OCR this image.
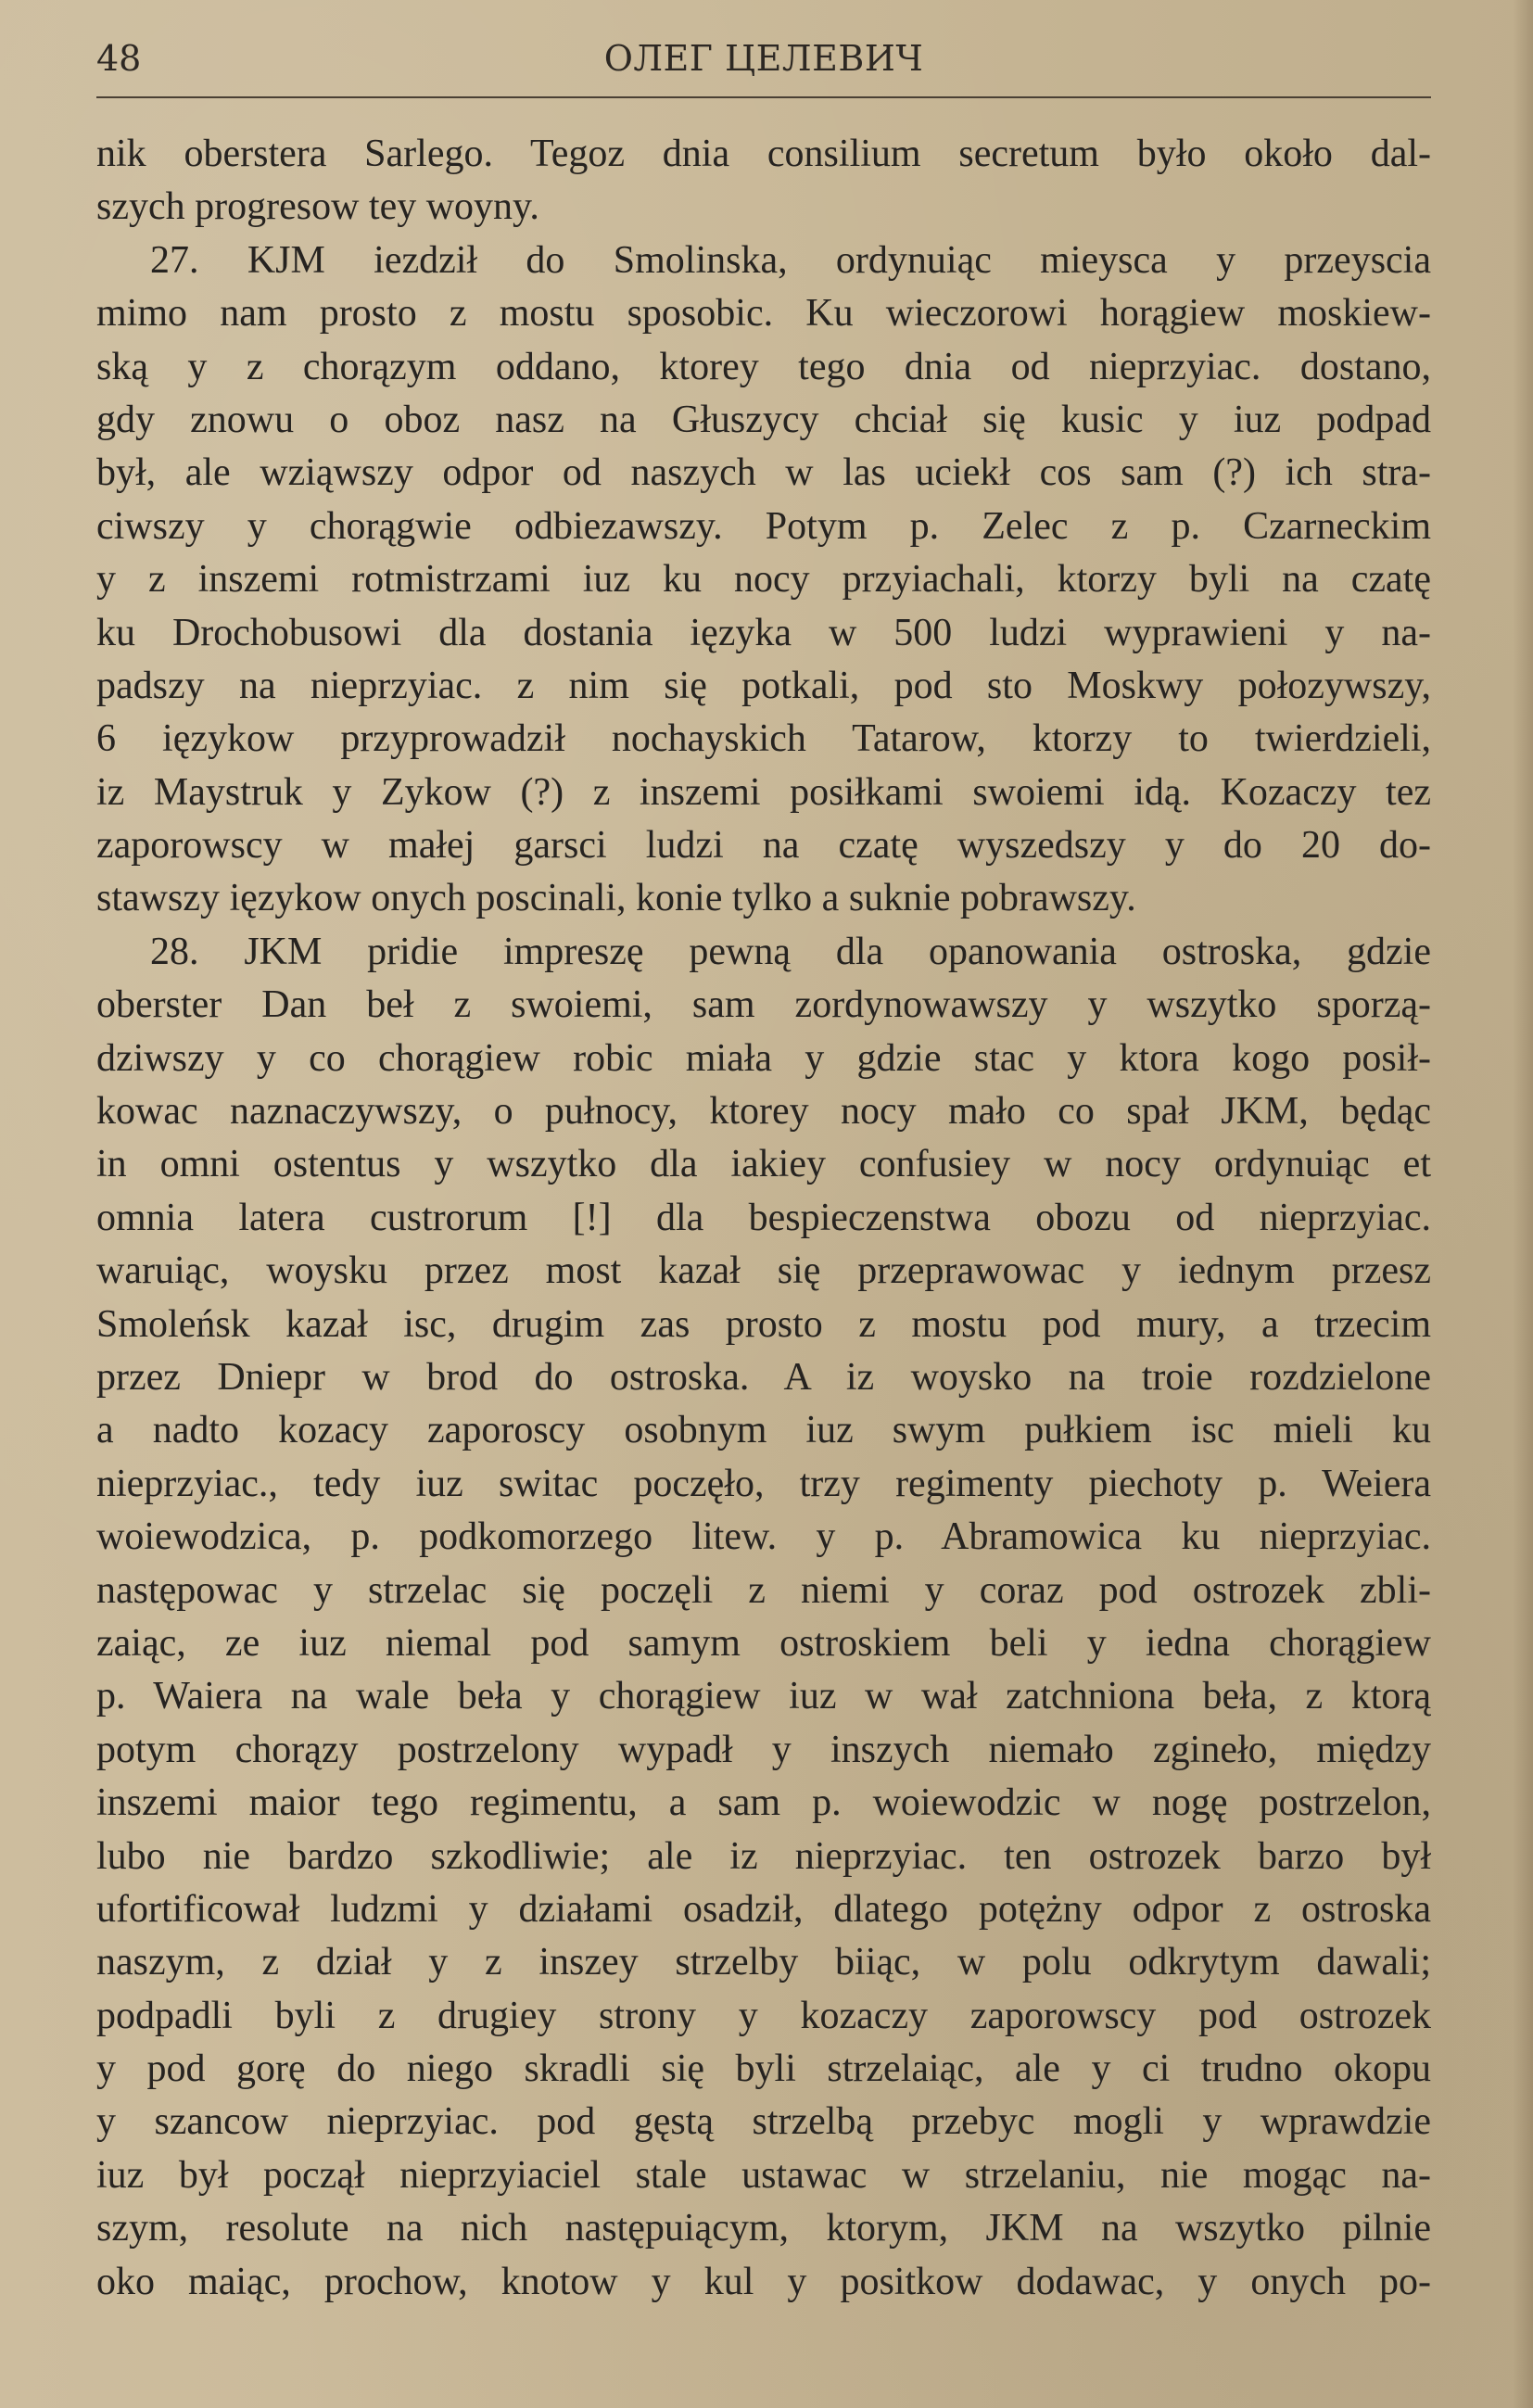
48	ОЛЕГ ЦЕЛЕВИЧ
nik oberstera Sarlego. Tegoz dnia consilium secretum było około dal-
szych progresow tey woyny.
27. KJM iezdził do Smolinska, ordynuiąc mieysca y przeyscia
mimo nam prosto z mostu sposobic. Ku wieczorowi horągiew moskiew-
ską y z chorązym oddano, ktorey tego dnia od nieprzyiac. dostano,
gdy znowu o oboz nasz na Głuszycy chciał się kusic y iuz podpad
był, ale wziąwszy odpor od naszych w las uciekł cos sam (?) ich stra-
ciwszy y chorągwie odbiezawszy. Potym p. Zelec z p. Czarneckim
y z inszemi rotmistrzami iuz ku nocy przyiachali, ktorzy byli na czatę
ku Drochobusowi dla dostania ięzyka w 500 ludzi wyprawieni y na-
padszy na nieprzyiac. z nim się potkali, pod sto Moskwy połozywszy,
6 ięzykow przyprowadził nochayskich Tatarow, ktorzy to twierdzieli,
iz Maystruk y Zykow (?) z inszemi posiłkami swoiemi idą. Kozaczy tez
zaporowscy w małej garsci ludzi na czatę wyszedszy y do 20 do-
stawszy ięzykow onych poscinali, konie tylko a suknie pobrawszy.
28. JKM pridie impreszę pewną dla opanowania ostroska, gdzie
oberster Dan beł z swoiemi, sam zordynowawszy y wszytko sporzą-
dziwszy y co chorągiew robic miała y gdzie stac y ktora kogo posił-
kowac naznaczywszy, o pułnocy, ktorey nocy mało co spał JKM, będąc
in omni ostentus y wszytko dla iakiey confusiey w nocy ordynuiąc et
omnia latera custrorum [!] dla bespieczenstwa obozu od nieprzyiac.
waruiąc, woysku przez most kazał się przeprawowac y iednym przesz
Smoleńsk kazał isc, drugim zas prosto z mostu pod mury, a trzecim
przez Dniepr w brod do ostroska. A iz woysko na troie rozdzielone
a nadto kozacy zaporoscy osobnym iuz swym pułkiem isc mieli ku
nieprzyiac., tedy iuz switac poczęło, trzy regimenty piechoty p. Weiera
woiewodzica, p. podkomorzego litew. y p. Abramowica ku nieprzyiac.
następowac y strzelac się poczęli z niemi y coraz pod ostrozek zbli-
zaiąc, ze iuz niemal pod samym ostroskiem beli y iedna chorągiew
p. Waiera na wale beła y chorągiew iuz w wał zatchniona beła, z ktorą
potym chorązy postrzelony wypadł y inszych niemało zgineło, między
inszemi maior tego regimentu, a sam p. woiewodzic w nogę postrzelon,
lubo nie bardzo szkodliwie; ale iz nieprzyiac. ten ostrozek barzo był
ufortificował ludzmi y działami osadził, dlatego potężny odpor z ostroska
naszym, z dział y z inszey strzelby biiąc, w polu odkrytym dawali;
podpadli byli z drugiey strony y kozaczy zaporowscy pod ostrozek
y pod gorę do niego skradli się byli strzelaiąc, ale y ci trudno okopu
y szancow nieprzyiac. pod gęstą strzelbą przebyc mogli y wprawdzie
iuz był począł nieprzyiaciel stale ustawac w strzelaniu, nie mogąc na-
szym, resolute na nich następuiącym, ktorym, JKM na wszytko pilnie
oko maiąc, prochow, knotow y kul y positkow dodawac, y onych po-
